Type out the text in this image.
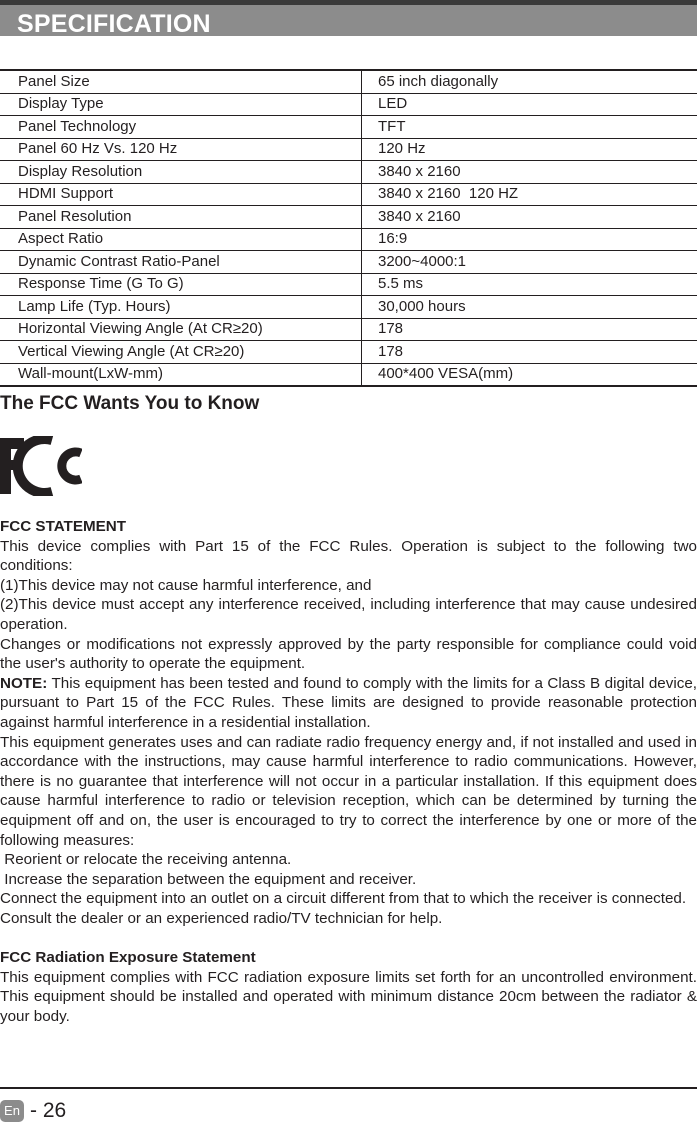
SPECIFICATION
Panel Size	65 inch diagonally
Display Type	LED
Panel Technology	TFT
Panel 60 Hz Vs. 120 Hz	120 Hz
Display Resolution	3840 x 2160
HDMI Support	3840 x 2160  120 HZ
Panel Resolution	3840 x 2160
Aspect Ratio	16:9
Dynamic Contrast Ratio-Panel	3200~4000:1
Response Time (G To G)	5.5 ms
Lamp Life (Typ. Hours)	30,000 hours
Horizontal Viewing Angle (At CR≥20)	178
Vertical Viewing Angle (At CR≥20)	178
Wall-mount(LxW-mm)	400*400 VESA(mm)
The FCC Wants You to Know

FCC STATEMENT

This device complies with Part 15 of the FCC Rules. Operation is subject to the following two conditions:

(1)This device may not cause harmful interference, and

(2)This device must accept any interference received, including interference that may cause undesired operation.

Changes or modifications not expressly approved by the party responsible for compliance could void the user's authority to operate the equipment.

NOTE: This equipment has been tested and found to comply with the limits for a Class B digital device, pursuant to Part 15 of the FCC Rules. These limits are designed to provide reasonable protection against harmful interference in a residential installation.

This equipment generates uses and can radiate radio frequency energy and, if not installed and used in accordance with the instructions, may cause harmful interference to radio communications. However, there is no guarantee that interference will not occur in a particular installation. If this equipment does cause harmful interference to radio or television reception, which can be determined by turning the equipment off and on, the user is encouraged to try to correct the interference by one or more of the following measures:

Reorient or relocate the receiving antenna.

Increase the separation between the equipment and receiver.

Connect the equipment into an outlet on a circuit different from that to which the receiver is connected.

Consult the dealer or an experienced radio/TV technician for help.

FCC Radiation Exposure Statement

This equipment complies with FCC radiation exposure limits set forth for an uncontrolled environment. This equipment should be installed and operated with minimum distance 20cm between the radiator & your body.

En - 26
